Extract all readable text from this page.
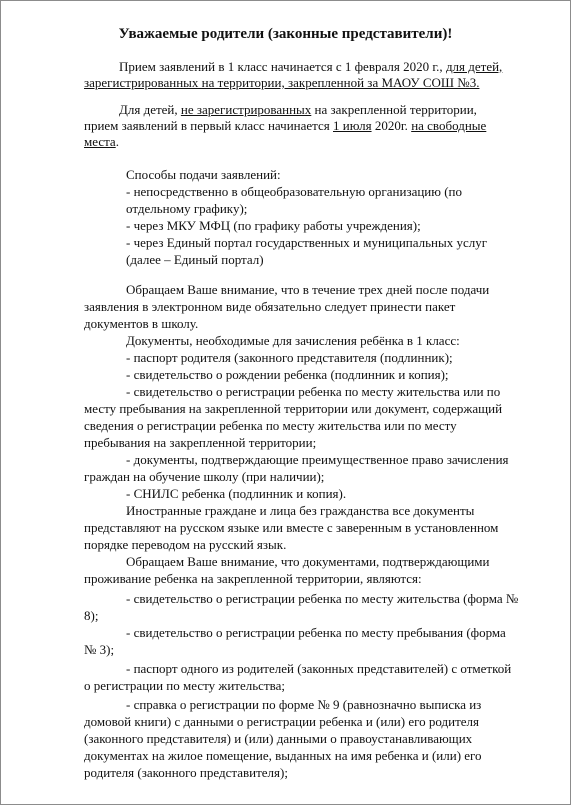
Уважаемые родители (законные представители)!
Прием заявлений в 1 класс начинается с 1 февраля 2020 г., для детей,
зарегистрированных на территории, закрепленной за МАОУ СОШ №3.
Для детей, не зарегистрированных на закрепленной территории,
прием заявлений в первый класс начинается 1 июля 2020г. на свободные
места.
Способы подачи заявлений:
- непосредственно в общеобразовательную организацию (по
отдельному графику);
- через МКУ МФЦ (по графику работы учреждения);
- через Единый портал государственных и муниципальных услуг
(далее – Единый портал)
Обращаем Ваше внимание, что в течение трех дней после подачи
заявления в электронном виде обязательно следует принести пакет
документов в школу.
Документы, необходимые для зачисления ребёнка в 1 класс:
- паспорт родителя (законного представителя (подлинник);
- свидетельство о рождении ребенка (подлинник и копия);
- свидетельство о регистрации ребенка по месту жительства или по
месту пребывания на закрепленной территории или документ, содержащий
сведения о регистрации ребенка по месту жительства или по месту
пребывания на закрепленной территории;
- документы, подтверждающие преимущественное право зачисления
граждан на обучение школу (при наличии);
- СНИЛС ребенка (подлинник и копия).
Иностранные граждане и лица без гражданства все документы
представляют на русском языке или вместе с заверенным в установленном
порядке переводом на русский язык.
Обращаем Ваше внимание, что документами, подтверждающими
проживание ребенка на закрепленной территории, являются:
- свидетельство о регистрации ребенка по месту жительства (форма №
8);
- свидетельство о регистрации ребенка по месту пребывания (форма
№ 3);
- паспорт одного из родителей (законных представителей) с отметкой
о регистрации по месту жительства;
- справка о регистрации по форме № 9 (равнозначно выписка из
домовой книги) с данными о регистрации ребенка и (или) его родителя
(законного представителя) и (или) данными о правоустанавливающих
документах на жилое помещение, выданных на имя ребенка и (или) его
родителя (законного представителя);
